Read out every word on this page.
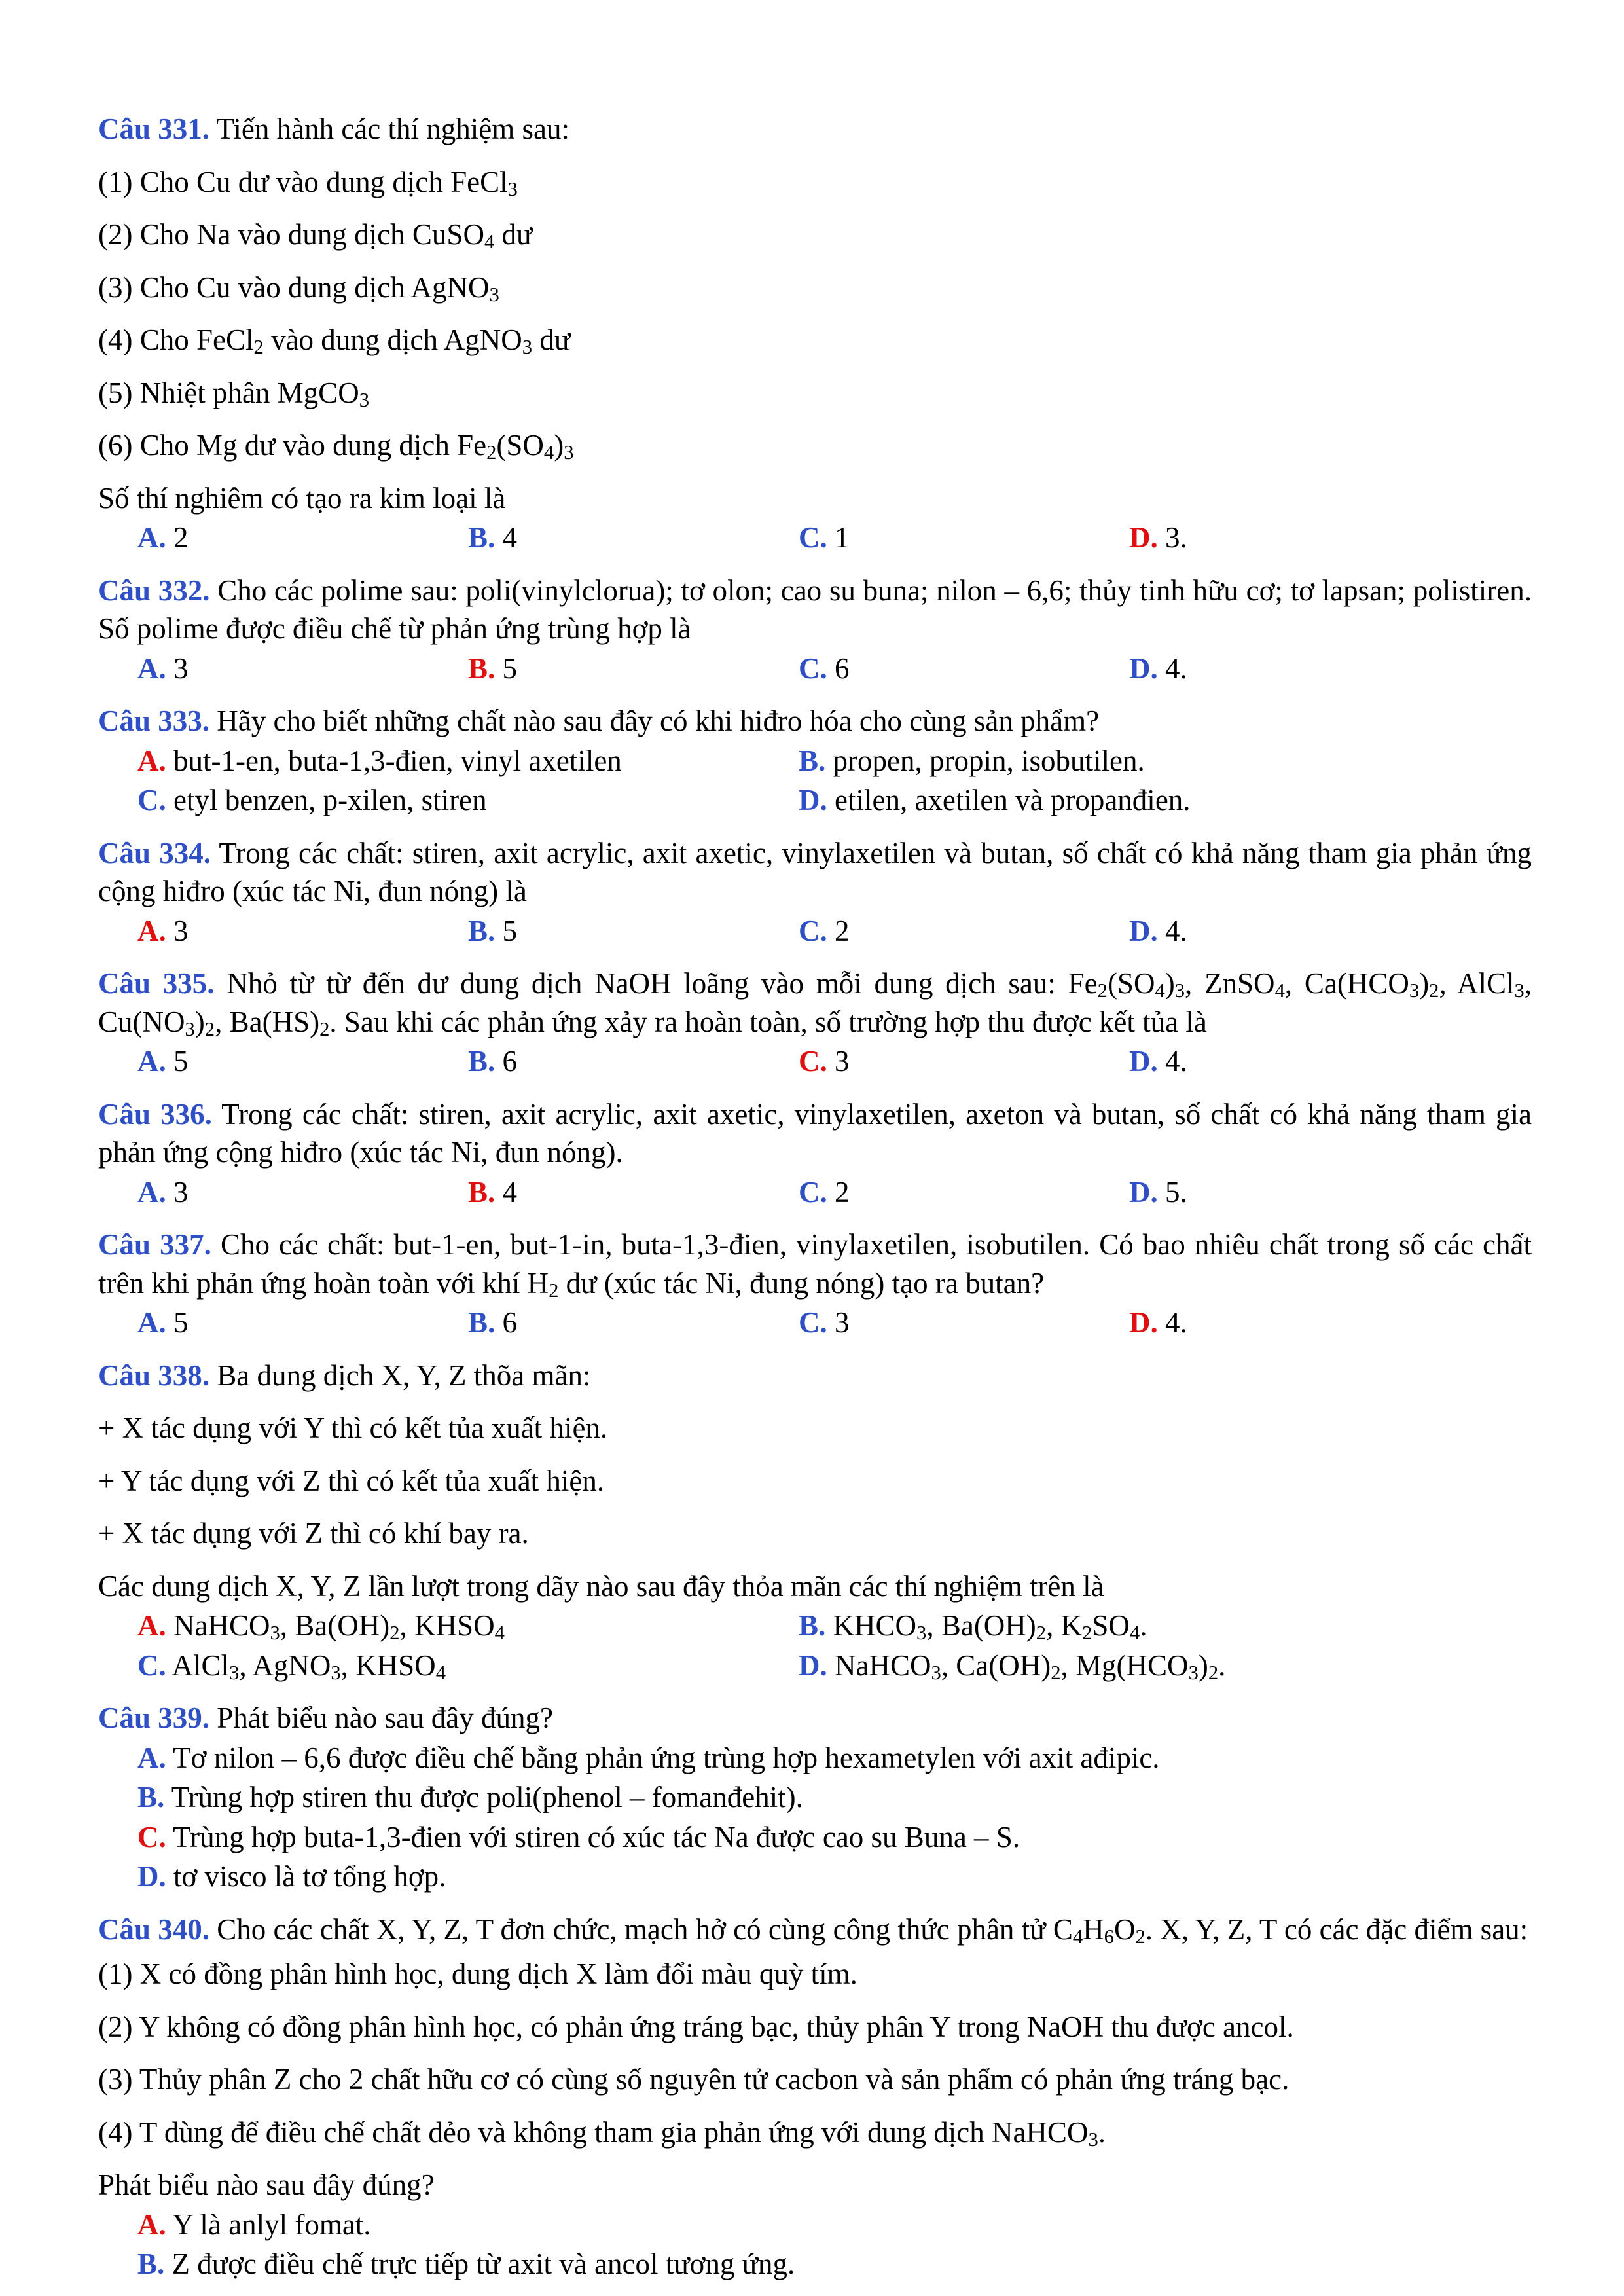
Câu 331. Tiến hành các thí nghiệm sau:

(1) Cho Cu dư vào dung dịch FeCl$_3$

(2) Cho Na vào dung dịch CuSO$_4$ dư

(3) Cho Cu vào dung dịch AgNO$_3$

(4) Cho FeCl$_2$ vào dung dịch AgNO$_3$ dư

(5) Nhiệt phân MgCO$_3$

(6) Cho Mg dư vào dung dịch $Fe_2(SO_4)_3$

Số thí nghiêm có tạo ra kim loại là

A. 2	B. 4	C. 1	D. 3.

Câu 332. Cho các polime sau: poli(vinylclorua); tơ olon; cao su buna; nilon – 6,6; thủy tinh hữu cơ; tơ lapsan; polistiren. Số polime được điều chế từ phản ứng trùng hợp là

A. 3	B. 5	C. 6	D. 4.

Câu 333. Hãy cho biết những chất nào sau đây có khi hiđro hóa cho cùng sản phẩm?

A. but-1-en, buta-1,3-đien, vinyl axetilen	B. propen, propin, isobutilen.
C. etyl benzen, p-xilen, stiren	D. etilen, axetilen và propanđien.

Câu 334. Trong các chất: stiren, axit acrylic, axit axetic, vinylaxetilen và butan, số chất có khả năng tham gia phản ứng cộng hiđro (xúc tác Ni, đun nóng) là

A. 3	B. 5	C. 2	D. 4.

Câu 335. Nhỏ từ từ đến dư dung dịch NaOH loãng vào mỗi dung dịch sau: $Fe_2(SO_4)_3$, ZnSO$_4$, $Ca(HCO_3)_2$, AlCl$_3$, $Cu(NO_3)_2$, $Ba(HS)_2$. Sau khi các phản ứng xảy ra hoàn toàn, số trường hợp thu được kết tủa là

A. 5	B. 6	C. 3	D. 4.

Câu 336. Trong các chất: stiren, axit acrylic, axit axetic, vinylaxetilen, axeton và butan, số chất có khả năng tham gia phản ứng cộng hiđro (xúc tác Ni, đun nóng).

A. 3	B. 4	C. 2	D. 5.

Câu 337. Cho các chất: but-1-en, but-1-in, buta-1,3-đien, vinylaxetilen, isobutilen. Có bao nhiêu chất trong số các chất trên khi phản ứng hoàn toàn với khí $H_2$ dư (xúc tác Ni, đung nóng) tạo ra butan?

A. 5	B. 6	C. 3	D. 4.

Câu 338. Ba dung dịch X, Y, Z thõa mãn:

+ X tác dụng với Y thì có kết tủa xuất hiện.

+ Y tác dụng với Z thì có kết tủa xuất hiện.

+ X tác dụng với Z thì có khí bay ra.

Các dung dịch X, Y, Z lần lượt trong dãy nào sau đây thỏa mãn các thí nghiệm trên là

A. NaHCO$_3$, $Ba(OH)_2$, $KHSO_4$	B. $KHCO_3$, $Ba(OH)_2$, $K_2SO_4$.
C. AlCl$_3$, AgNO$_3$, $KHSO_4$	D. NaHCO$_3$, $Ca(OH)_2$, $Mg(HCO_3)_2$.

Câu 339. Phát biểu nào sau đây đúng?

A. Tơ nilon – 6,6 được điều chế bằng phản ứng trùng hợp hexametylen với axit ađipic.
B. Trùng hợp stiren thu được poli(phenol – fomanđehit).
C. Trùng hợp buta-1,3-đien với stiren có xúc tác Na được cao su Buna – S.
D. tơ visco là tơ tổng hợp.

Câu 340. Cho các chất X, Y, Z, T đơn chức, mạch hở có cùng công thức phân tử $C_4H_6O_2$. X, Y, Z, T có các đặc điểm sau:

(1) X có đồng phân hình học, dung dịch X làm đổi màu quỳ tím.

(2) Y không có đồng phân hình học, có phản ứng tráng bạc, thủy phân Y trong NaOH thu được ancol.

(3) Thủy phân Z cho 2 chất hữu cơ có cùng số nguyên tử cacbon và sản phẩm có phản ứng tráng bạc.

(4) T dùng để điều chế chất dẻo và không tham gia phản ứng với dung dịch NaHCO$_3$.

Phát biểu nào sau đây đúng?

A. Y là anlyl fomat.
B. Z được điều chế trực tiếp từ axit và ancol tương ứng.
